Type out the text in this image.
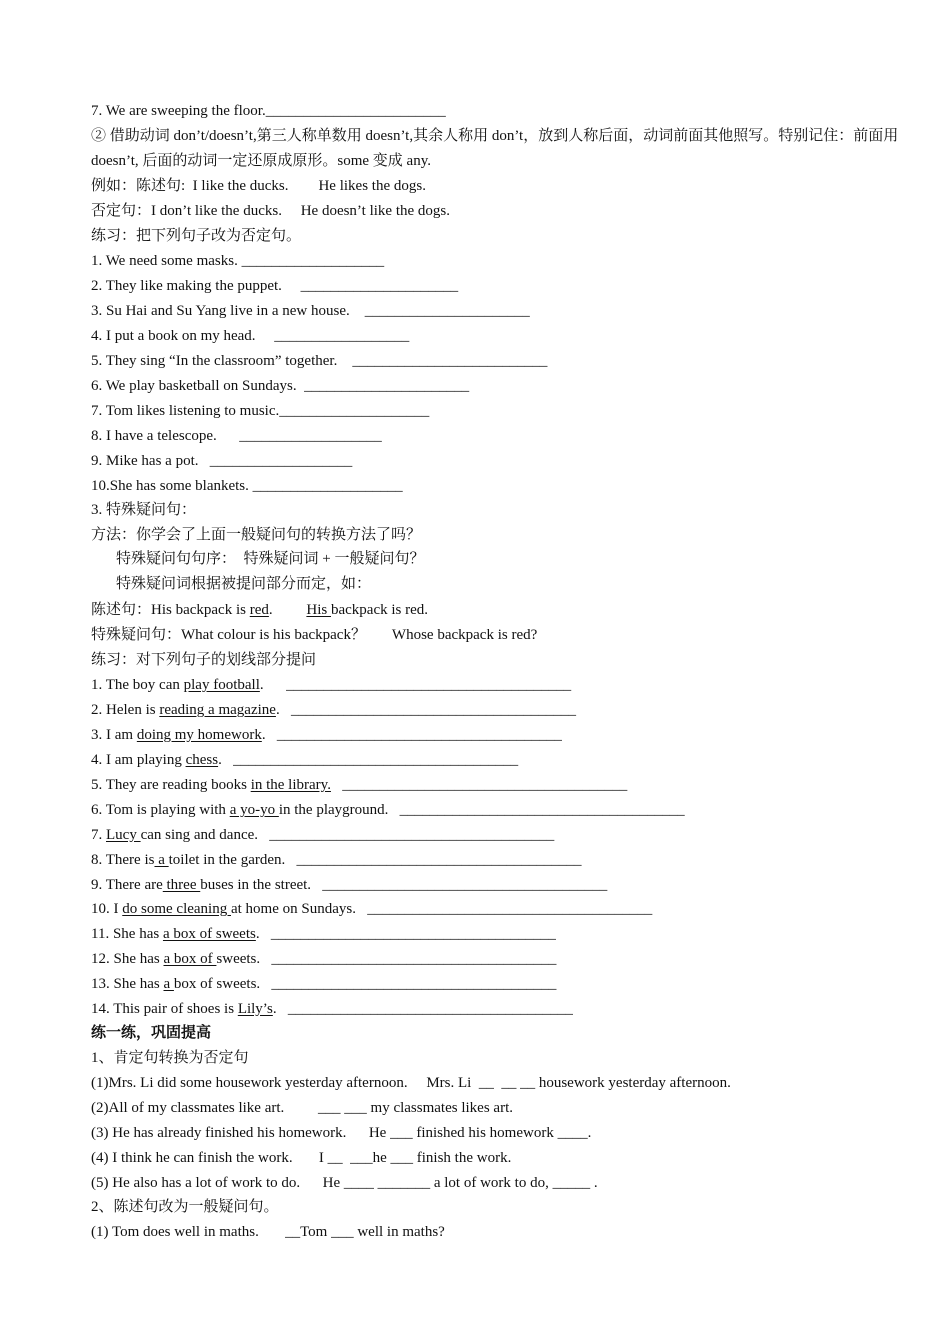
7. We are sweeping the floor.________________________
② 借助动词 don’t/doesn’t,第三人称单数用 doesn’t,其余人称用 don’t，放到人称后面，动词前面其他照写。特别记住：前面用 doesn’t, 后面的动词一定还原成原形。some 变成 any.
例如：陈述句:  I like the ducks.        He likes the dogs.
否定句：I don’t like the ducks.     He doesn’t like the dogs.
练习：把下列句子改为否定句。
1. We need some masks. ___________________
2. They like making the puppet.     _____________________
3. Su Hai and Su Yang live in a new house.    ______________________
4. I put a book on my head.     __________________
5. They sing “In the classroom” together.    __________________________
6. We play basketball on Sundays.  ______________________
7. Tom likes listening to music.____________________
8. I have a telescope.      ___________________
9. Mike has a pot.   ___________________
10.She has some blankets. ____________________
3. 特殊疑问句：
方法：你学会了上面一般疑问句的转换方法了吗？
特殊疑问句句序：  特殊疑问词 + 一般疑问句？
特殊疑问词根据被提问部分而定，如：
陈述句：His backpack is red.         His backpack is red.
特殊疑问句：What colour is his backpack？       Whose backpack is red?
练习：对下列句子的划线部分提问
1. The boy can play football.      ______________________________________
2. Helen is reading a magazine.   ______________________________________
3. I am doing my homework.   ______________________________________
4. I am playing chess.   ______________________________________
5. They are reading books in the library.   ______________________________________
6. Tom is playing with a yo-yo in the playground.   ______________________________________
7. Lucy can sing and dance.   ______________________________________
8. There is a toilet in the garden.   ______________________________________
9. There are three buses in the street.   ______________________________________
10. I do some cleaning at home on Sundays.   ______________________________________
11. She has a box of sweets.   ______________________________________
12. She has a box of sweets.   ______________________________________
13. She has a box of sweets.   ______________________________________
14. This pair of shoes is Lily’s.   ______________________________________
练一练，巩固提高
1、肯定句转换为否定句
(1)Mrs. Li did some housework yesterday afternoon.     Mrs. Li  __  __ __ housework yesterday afternoon.
(2)All of my classmates like art.         ___ ___ my classmates likes art.
(3) He has already finished his homework.      He ___ finished his homework ____.
(4) I think he can finish the work.       I __  ___he ___ finish the work.
(5) He also has a lot of work to do.      He ____ _______ a lot of work to do, _____ .
2、陈述句改为一般疑问句。
(1) Tom does well in maths.       __Tom ___ well in maths?
